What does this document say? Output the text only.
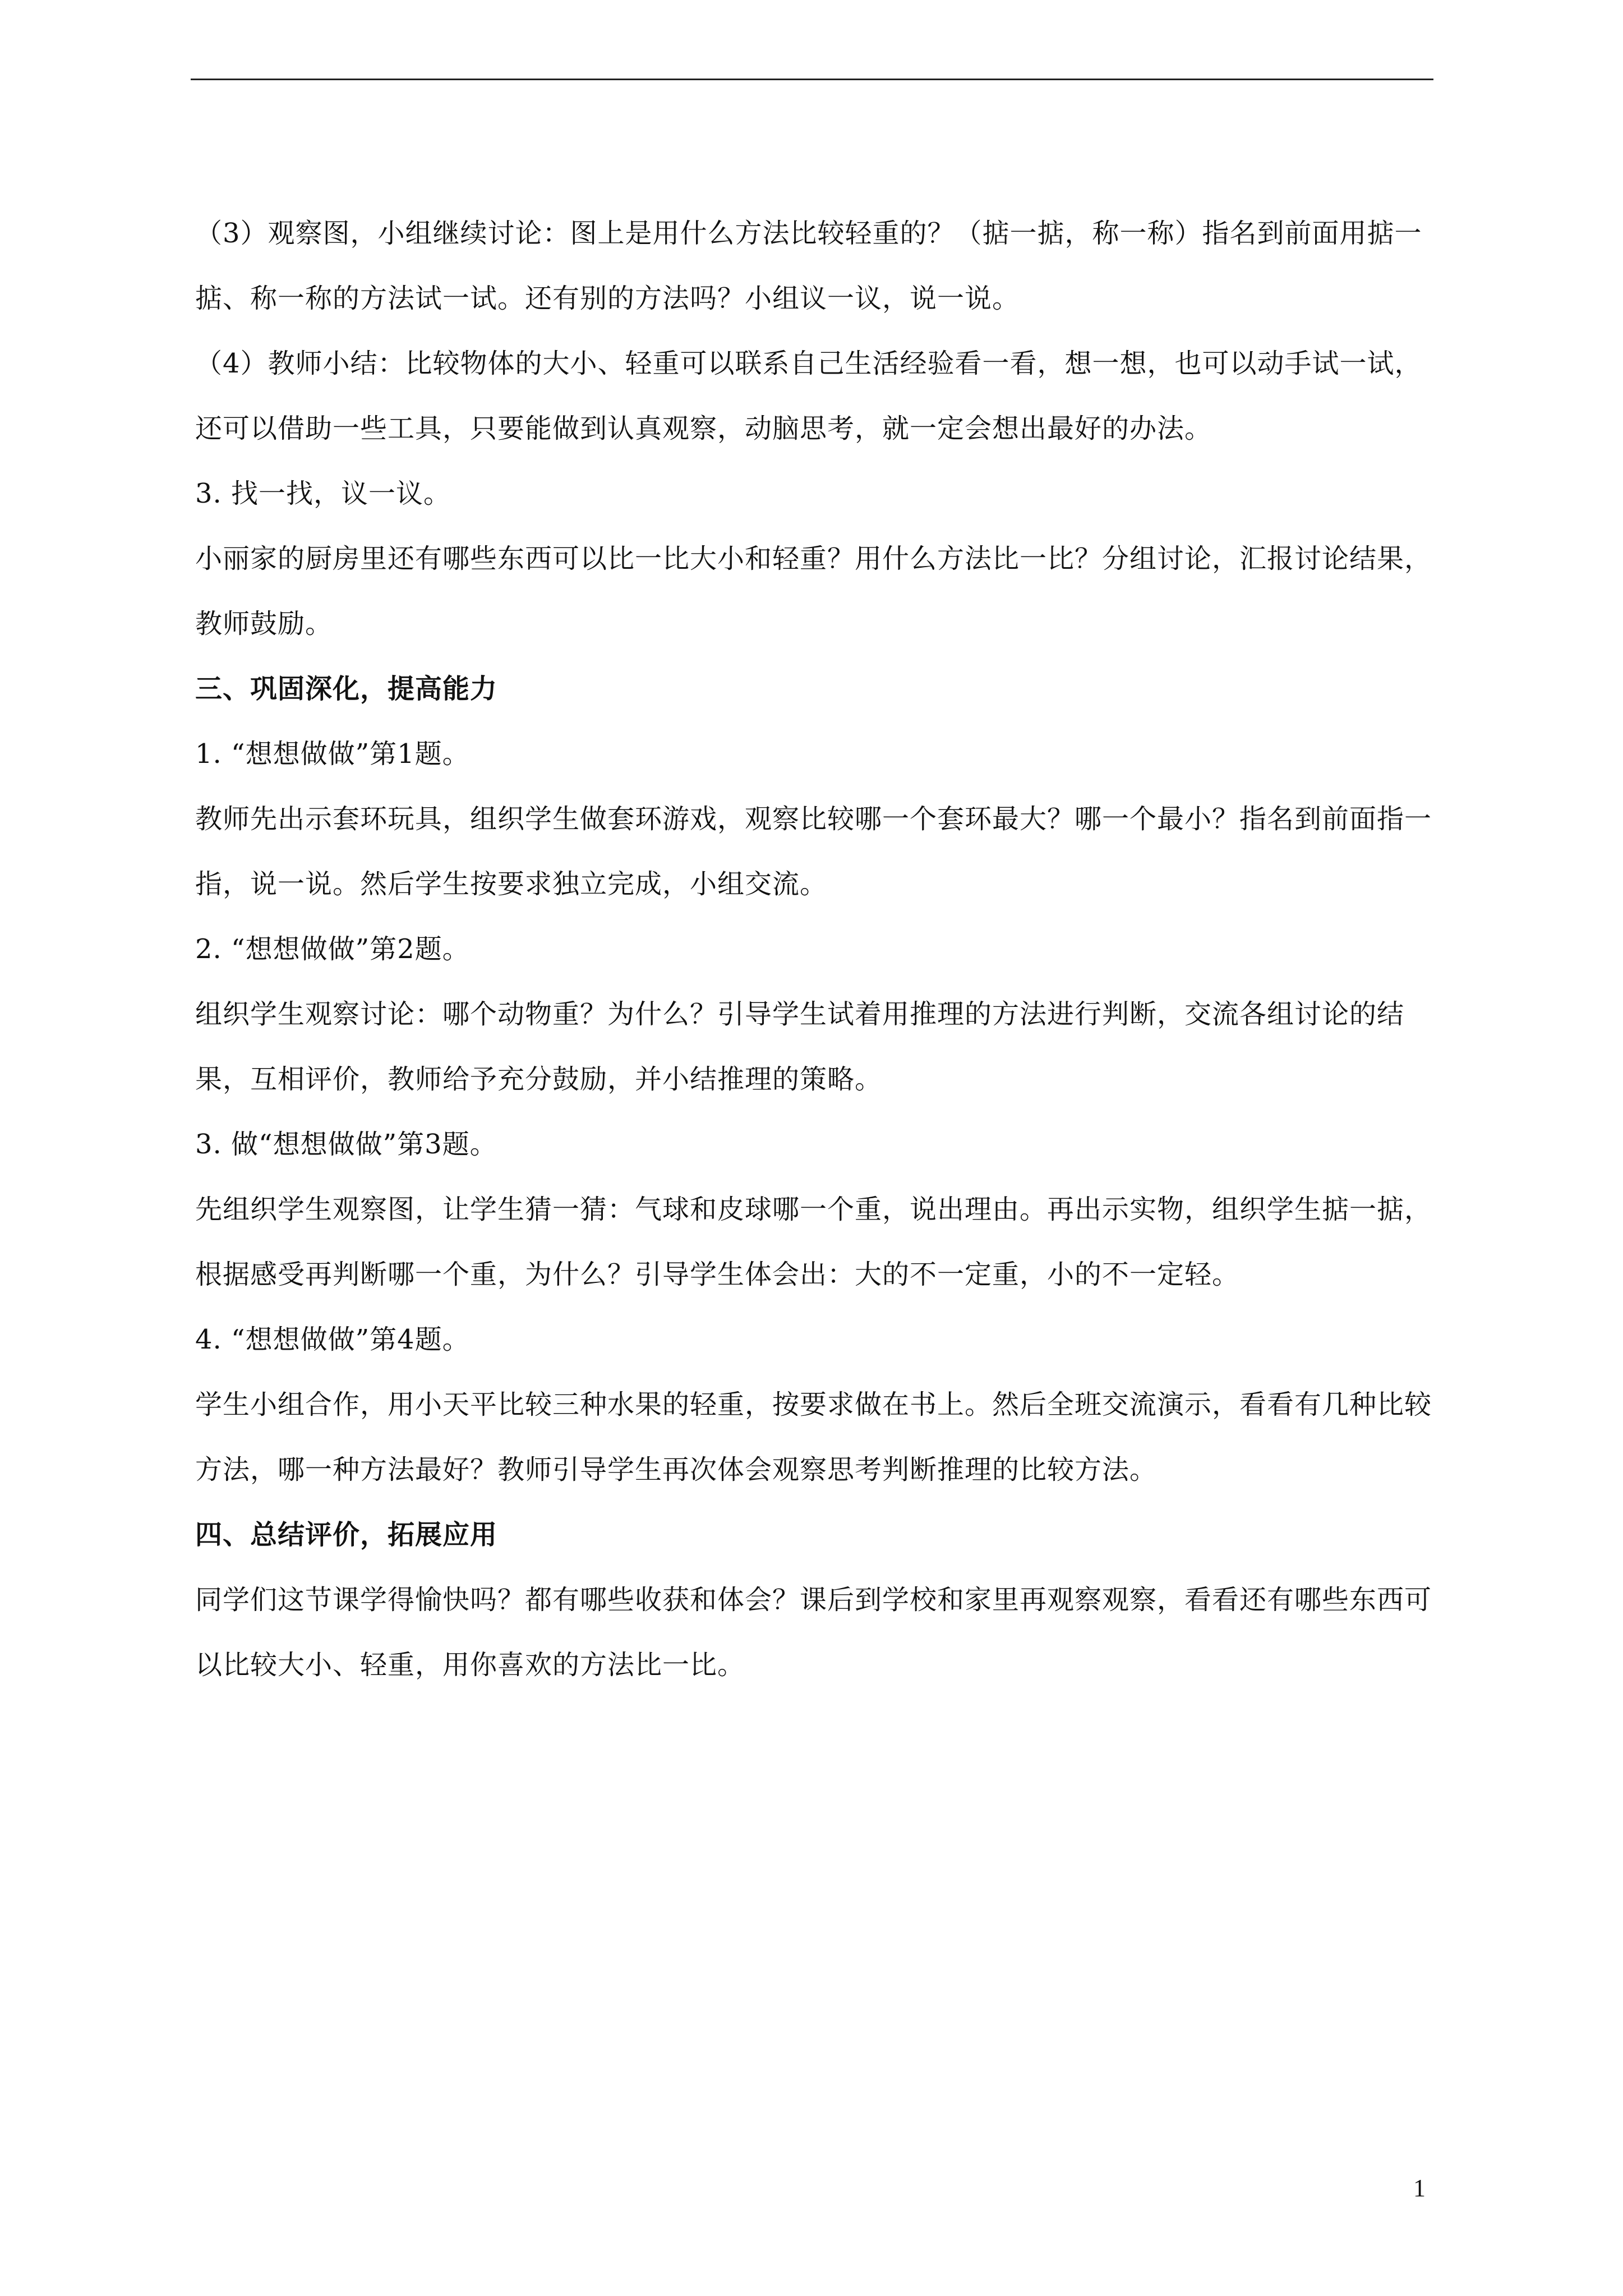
（3）观察图，小组继续讨论：图上是用什么方法比较轻重的？（掂一掂，称一称）指名到前面用掂一掂、称一称的方法试一试。还有别的方法吗？小组议一议，说一说。

（4）教师小结：比较物体的大小、轻重可以联系自己生活经验看一看，想一想，也可以动手试一试，还可以借助一些工具，只要能做到认真观察，动脑思考，就一定会想出最好的办法。

3. 找一找，议一议。

小丽家的厨房里还有哪些东西可以比一比大小和轻重？用什么方法比一比？分组讨论，汇报讨论结果，教师鼓励。

三、巩固深化，提高能力

1. “想想做做”第1题。

教师先出示套环玩具，组织学生做套环游戏，观察比较哪一个套环最大？哪一个最小？指名到前面指一指，说一说。然后学生按要求独立完成，小组交流。

2. “想想做做”第2题。

组织学生观察讨论：哪个动物重？为什么？引导学生试着用推理的方法进行判断，交流各组讨论的结果，互相评价，教师给予充分鼓励，并小结推理的策略。

3. 做“想想做做”第3题。

先组织学生观察图，让学生猜一猜：气球和皮球哪一个重，说出理由。再出示实物，组织学生掂一掂，根据感受再判断哪一个重，为什么？引导学生体会出：大的不一定重，小的不一定轻。

4. “想想做做”第4题。

学生小组合作，用小天平比较三种水果的轻重，按要求做在书上。然后全班交流演示，看看有几种比较方法，哪一种方法最好？教师引导学生再次体会观察思考判断推理的比较方法。

四、总结评价，拓展应用

同学们这节课学得愉快吗？都有哪些收获和体会？课后到学校和家里再观察观察，看看还有哪些东西可以比较大小、轻重，用你喜欢的方法比一比。

1
